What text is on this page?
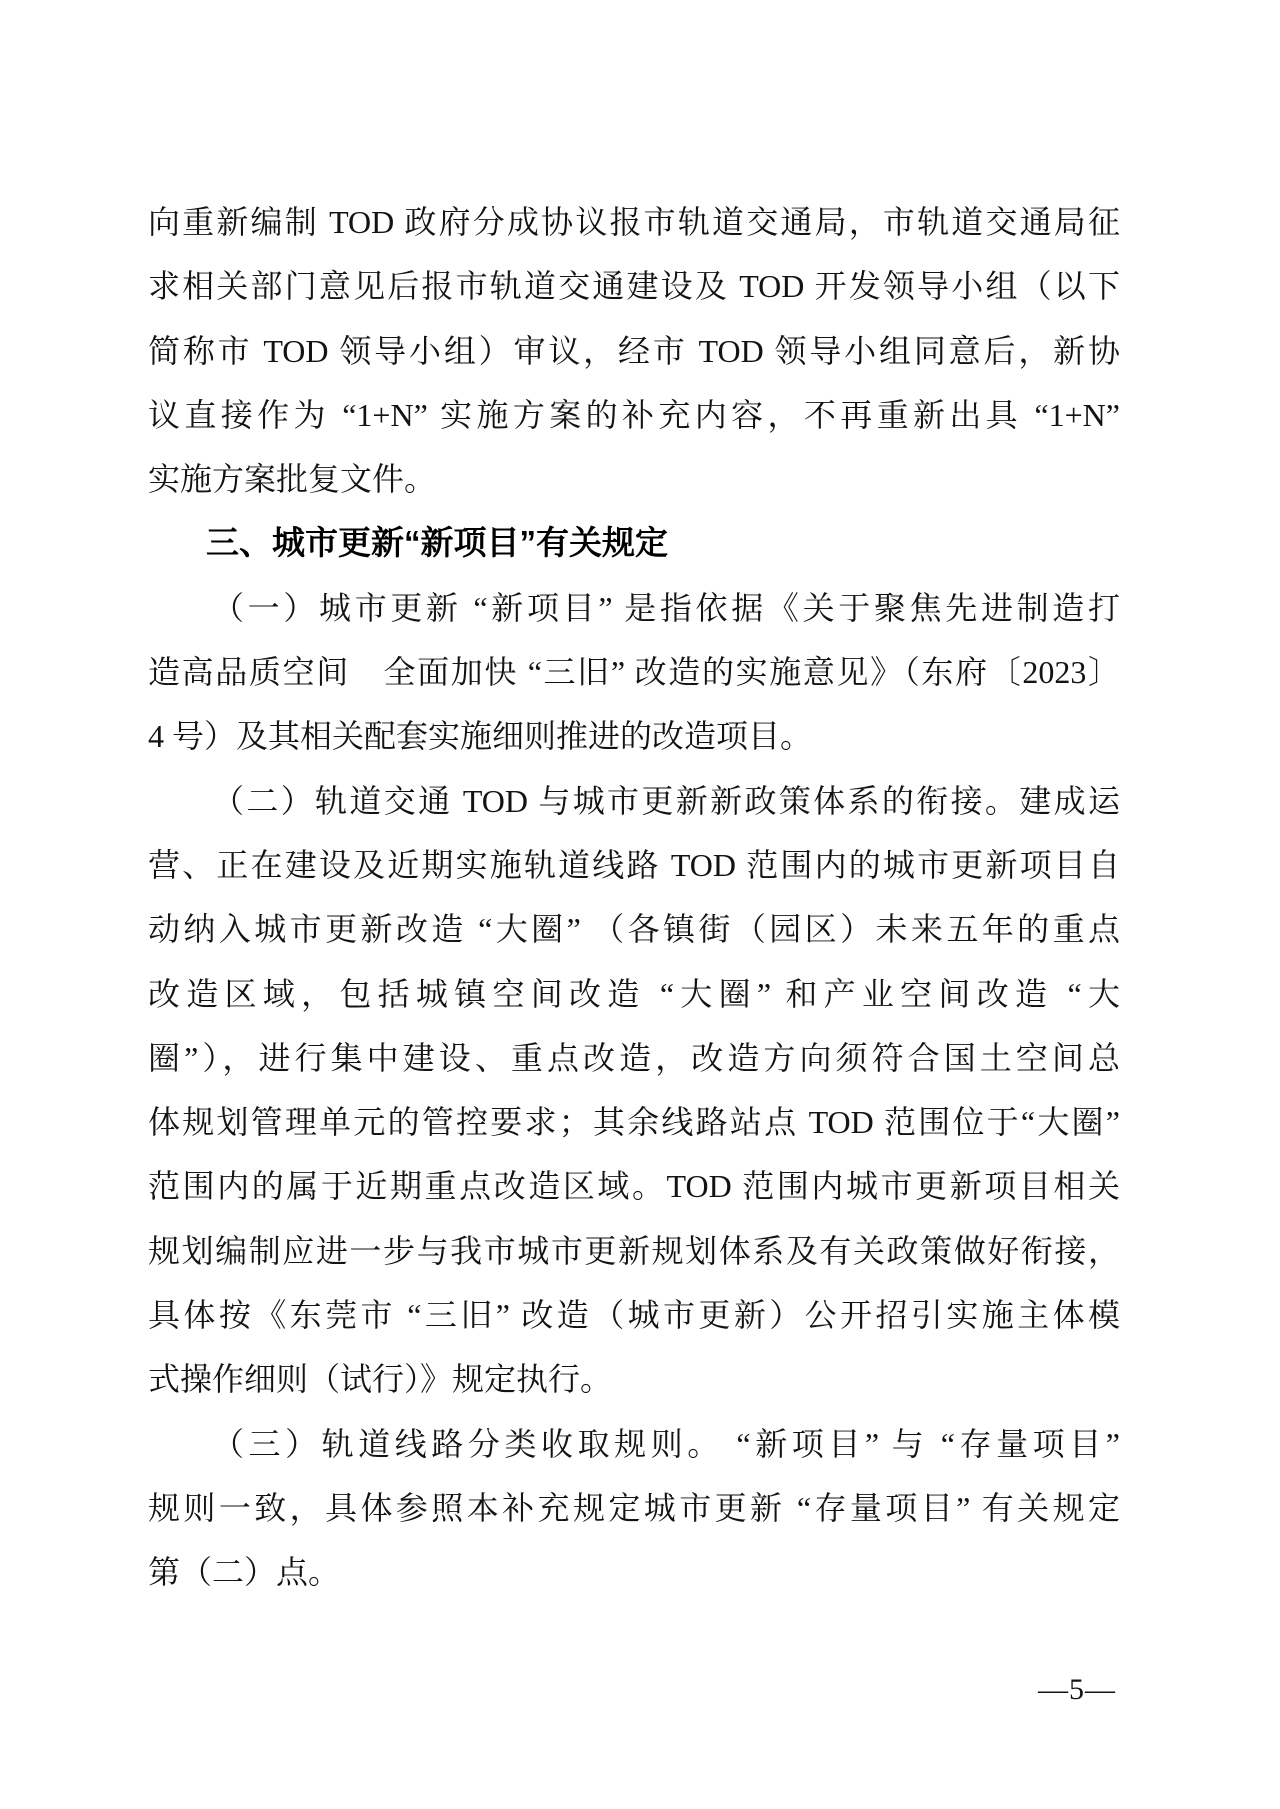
向重新编制 TOD 政府分成协议报市轨道交通局，市轨道交通局征
求相关部门意见后报市轨道交通建设及 TOD 开发领导小组（以下
简称市 TOD 领导小组）审议，经市 TOD 领导小组同意后，新协
议直接作为 “1+N” 实施方案的补充内容，不再重新出具 “1+N”
实施方案批复文件。
三、城市更新“新项目”有关规定
（一）城市更新 “新项目” 是指依据《关于聚焦先进制造打
造高品质空间　全面加快 “三旧” 改造的实施意见》（东府〔2023〕
4 号）及其相关配套实施细则推进的改造项目。
（二）轨道交通 TOD 与城市更新新政策体系的衔接。建成运
营、正在建设及近期实施轨道线路 TOD 范围内的城市更新项目自
动纳入城市更新改造 “大圈” （各镇街（园区）未来五年的重点
改造区域，包括城镇空间改造 “大圈” 和产业空间改造 “大
圈”），进行集中建设、重点改造，改造方向须符合国土空间总
体规划管理单元的管控要求；其余线路站点 TOD 范围位于“大圈”
范围内的属于近期重点改造区域。TOD 范围内城市更新项目相关
规划编制应进一步与我市城市更新规划体系及有关政策做好衔接，
具体按《东莞市 “三旧” 改造（城市更新）公开招引实施主体模
式操作细则（试行）》规定执行。
（三）轨道线路分类收取规则。 “新项目” 与 “存量项目”
规则一致，具体参照本补充规定城市更新 “存量项目” 有关规定
第（二）点。
—5—
